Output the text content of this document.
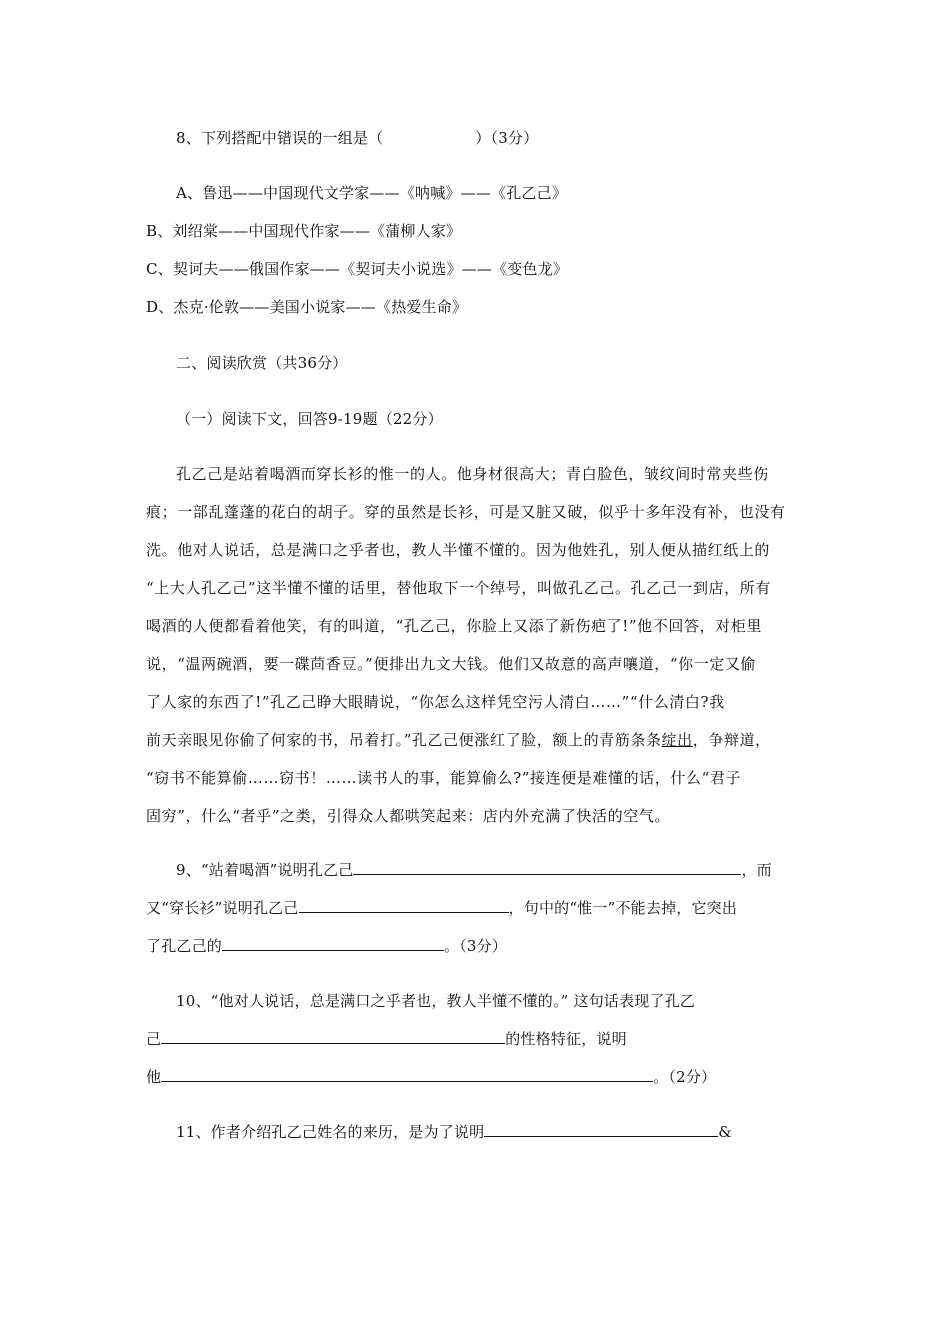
8、下列搭配中错误的一组是（	）（3分）
A、鲁迅——中国现代文学家——《呐喊》——《孔乙己》
B、刘绍棠——中国现代作家——《蒲柳人家》
C、契诃夫——俄国作家——《契诃夫小说选》——《变色龙》
D、杰克·伦敦——美国小说家——《热爱生命》
二、阅读欣赏（共36分）
（一）阅读下文，回答9-19题（22分）
孔乙己是站着喝酒而穿长衫的惟一的人。他身材很高大；青白脸色，皱纹间时常夹些伤
痕；一部乱蓬蓬的花白的胡子。穿的虽然是长衫，可是又脏又破，似乎十多年没有补，也没有
洗。他对人说话，总是满口之乎者也，教人半懂不懂的。因为他姓孔，别人便从描红纸上的
“上大人孔乙己”这半懂不懂的话里，替他取下一个绰号，叫做孔乙己。孔乙己一到店，所有
喝酒的人便都看着他笑，有的叫道，“孔乙己，你脸上又添了新伤疤了!”他不回答，对柜里
说，“温两碗酒，要一碟茴香豆。”便排出九文大钱。他们又故意的高声嚷道，“你一定又偷
了人家的东西了!”孔乙己睁大眼睛说，“你怎么这样凭空污人清白……”“什么清白?我
前天亲眼见你偷了何家的书，吊着打。”孔乙己便涨红了脸，额上的青筋条条绽出，争辩道，
“窃书不能算偷……窃书！……读书人的事，能算偷么?”接连便是难懂的话，什么“君子
固穷”，什么“者乎”之类，引得众人都哄笑起来：店内外充满了快活的空气。
9、“站着喝酒”说明孔乙己	，而
又“穿长衫”说明孔乙己	，句中的“惟一”不能去掉，它突出
了孔乙己的	。（3分）
10、“他对人说话，总是满口之乎者也，教人半懂不懂的。” 这句话表现了孔乙
己	的性格特征，说明
他	。（2分）
11、作者介绍孔乙己姓名的来历，是为了说明	&
